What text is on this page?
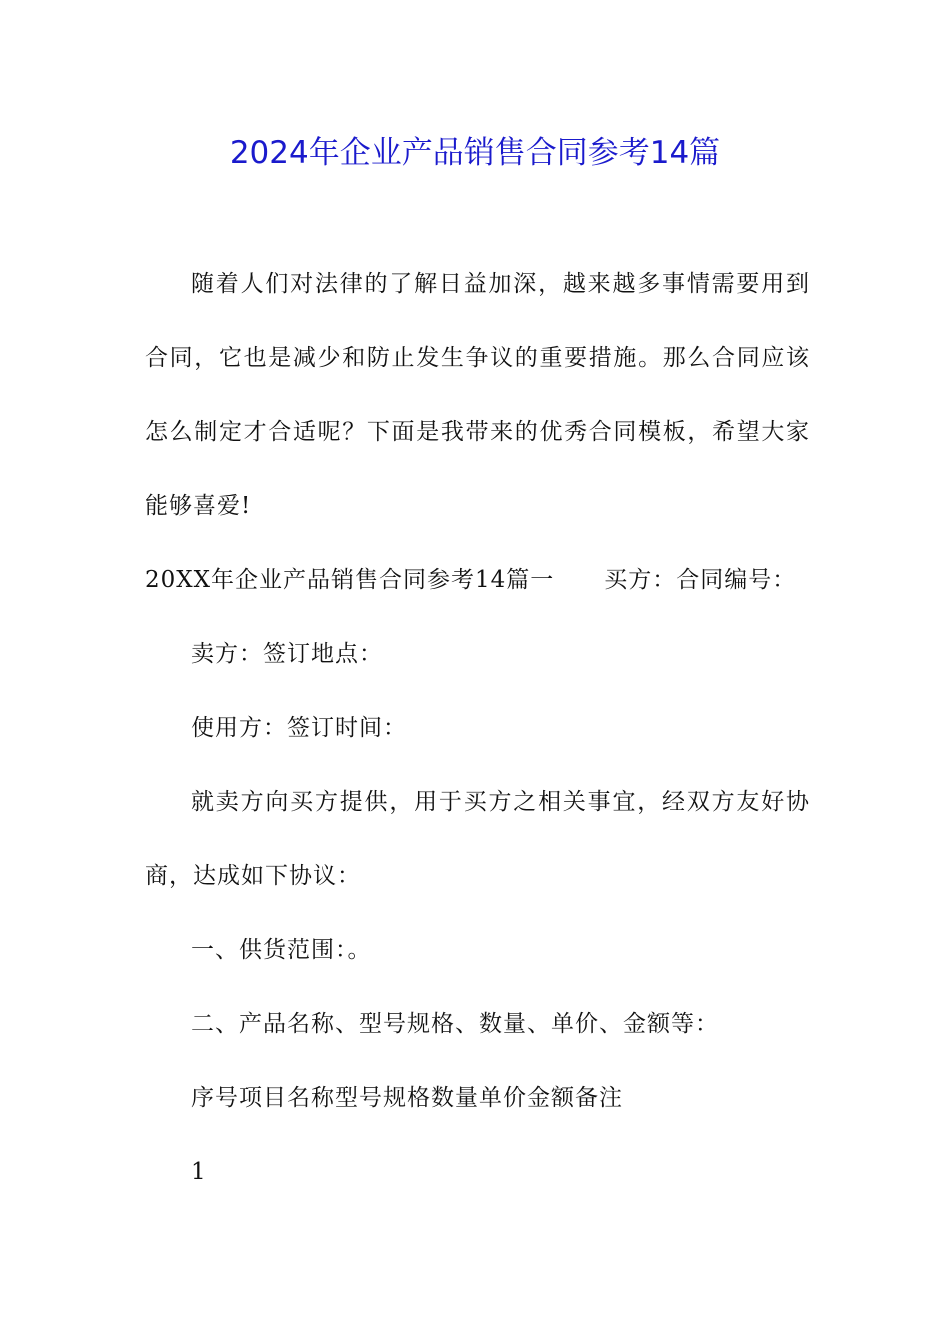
2024年企业产品销售合同参考14篇

随着人们对法律的了解日益加深，越来越多事情需要用到合同，它也是减少和防止发生争议的重要措施。那么合同应该怎么制定才合适呢？下面是我带来的优秀合同模板，希望大家能够喜爱!

20XX年企业产品销售合同参考14篇一 买方：合同编号：

卖方：签订地点：

使用方：签订时间：

就卖方向买方提供，用于买方之相关事宜，经双方友好协商，达成如下协议：

一、供货范围：。

二、产品名称、型号规格、数量、单价、金额等：

序号项目名称型号规格数量单价金额备注

1
